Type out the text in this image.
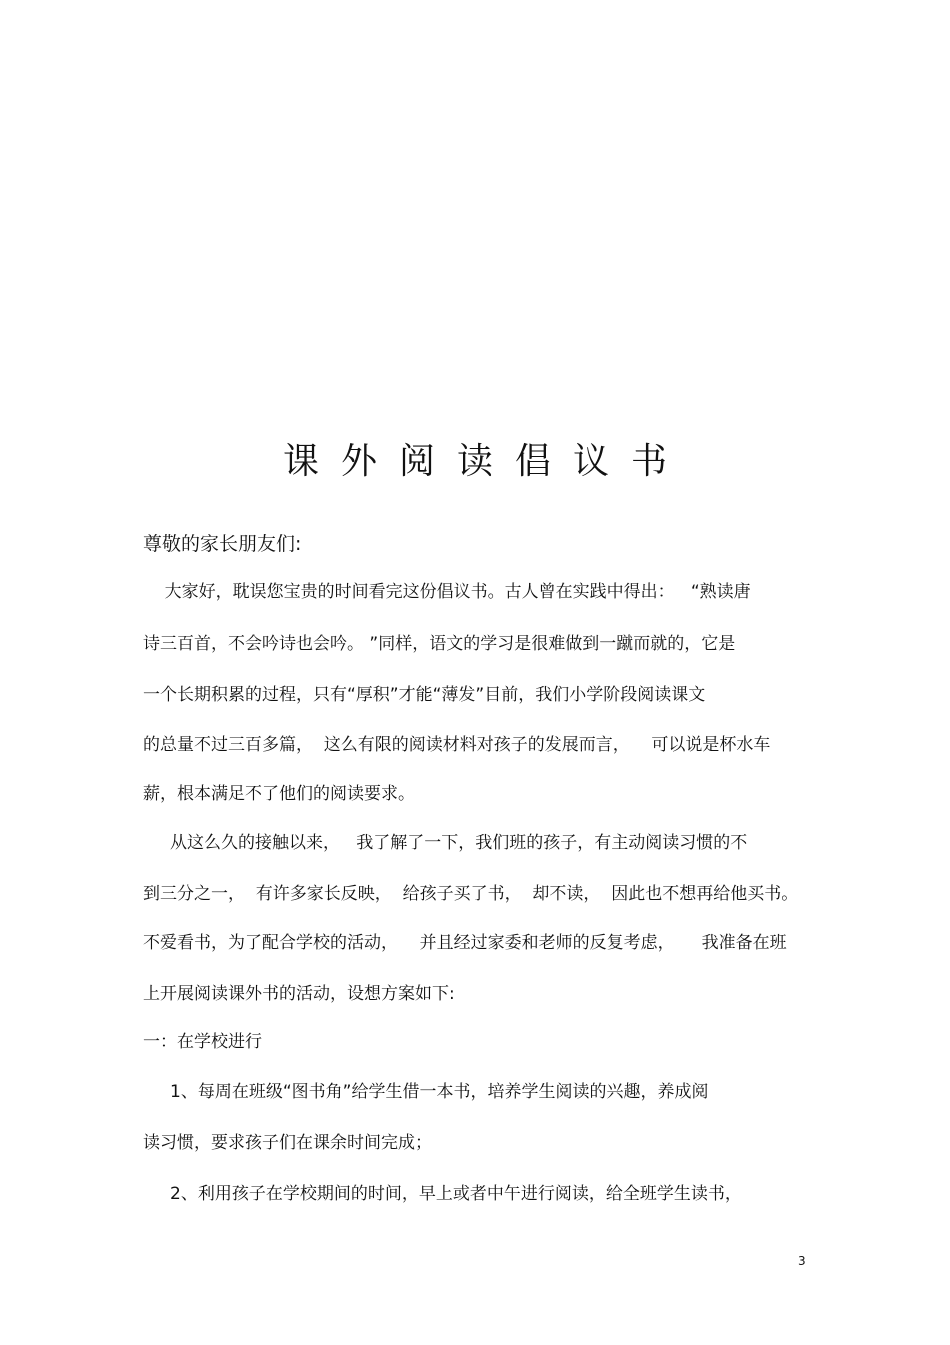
课外阅读倡议书
尊敬的家长朋友们:
大家好，耽误您宝贵的时间看完这份倡议书。古人曾在实践中得出：   “熟读唐
诗三百首，不会吟诗也会吟。 ”同样，语文的学习是很难做到一蹴而就的，它是
一个长期积累的过程，只有“厚积”才能“薄发”目前，我们小学阶段阅读课文
的总量不过三百多篇，  这么有限的阅读材料对孩子的发展而言，    可以说是杯水车
薪，根本满足不了他们的阅读要求。
从这么久的接触以来，   我了解了一下，我们班的孩子，有主动阅读习惯的不
到三分之一，  有许多家长反映，  给孩子买了书，  却不读，  因此也不想再给他买书。
不爱看书，为了配合学校的活动，    并且经过家委和老师的反复考虑，     我准备在班
上开展阅读课外书的活动，设想方案如下:
一：在学校进行
1、每周在班级“图书角”给学生借一本书，培养学生阅读的兴趣，养成阅
读习惯，要求孩子们在课余时间完成；
2、利用孩子在学校期间的时间，早上或者中午进行阅读，给全班学生读书，
3
